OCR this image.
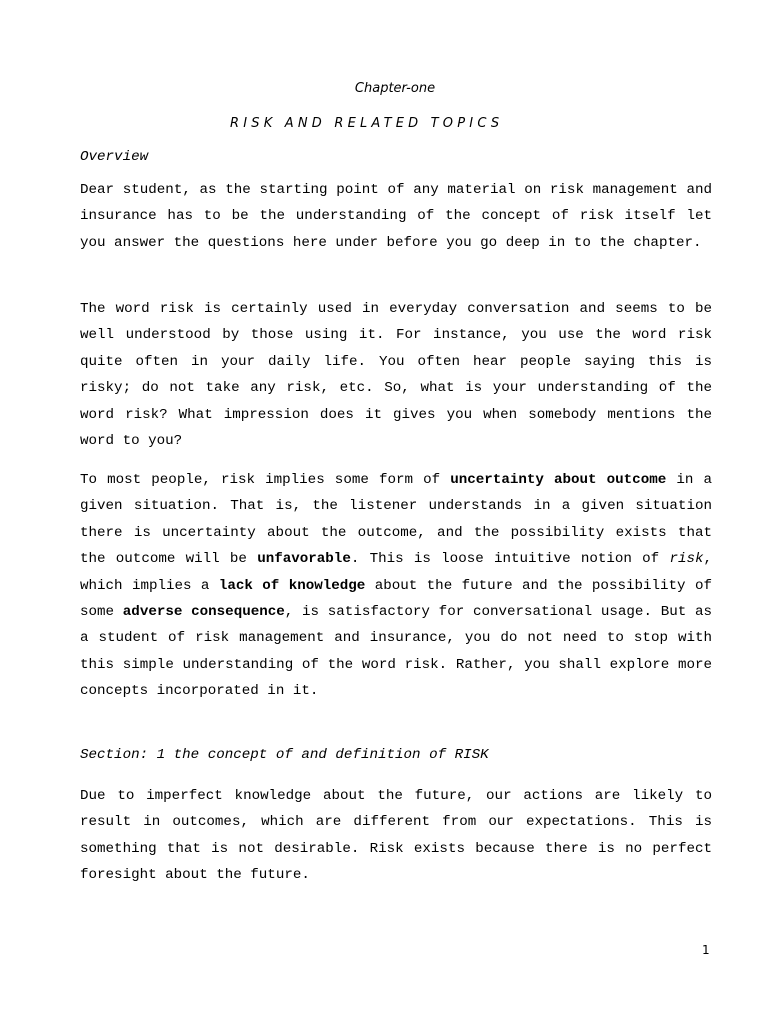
Chapter-one
RISK AND RELATED TOPICS
Overview

Dear student, as the starting point of any material on risk management and insurance has to be the understanding of the concept of risk itself let you answer the questions here under before you go deep in to the chapter.

The word risk is certainly used in everyday conversation and seems to be well understood by those using it. For instance, you use the word risk quite often in your daily life. You often hear people saying this is risky; do not take any risk, etc. So, what is your understanding of the word risk? What impression does it gives you when somebody mentions the word to you?

To most people, risk implies some form of uncertainty about outcome in a given situation. That is, the listener understands in a given situation there is uncertainty about the outcome, and the possibility exists that the outcome will be unfavorable. This is loose intuitive notion of risk, which implies a lack of knowledge about the future and the possibility of some adverse consequence, is satisfactory for conversational usage. But as a student of risk management and insurance, you do not need to stop with this simple understanding of the word risk. Rather, you shall explore more concepts incorporated in it.

Section: 1 the concept of and definition of RISK

Due to imperfect knowledge about the future, our actions are likely to result in outcomes, which are different from our expectations. This is something that is not desirable. Risk exists because there is no perfect foresight about the future.

1
